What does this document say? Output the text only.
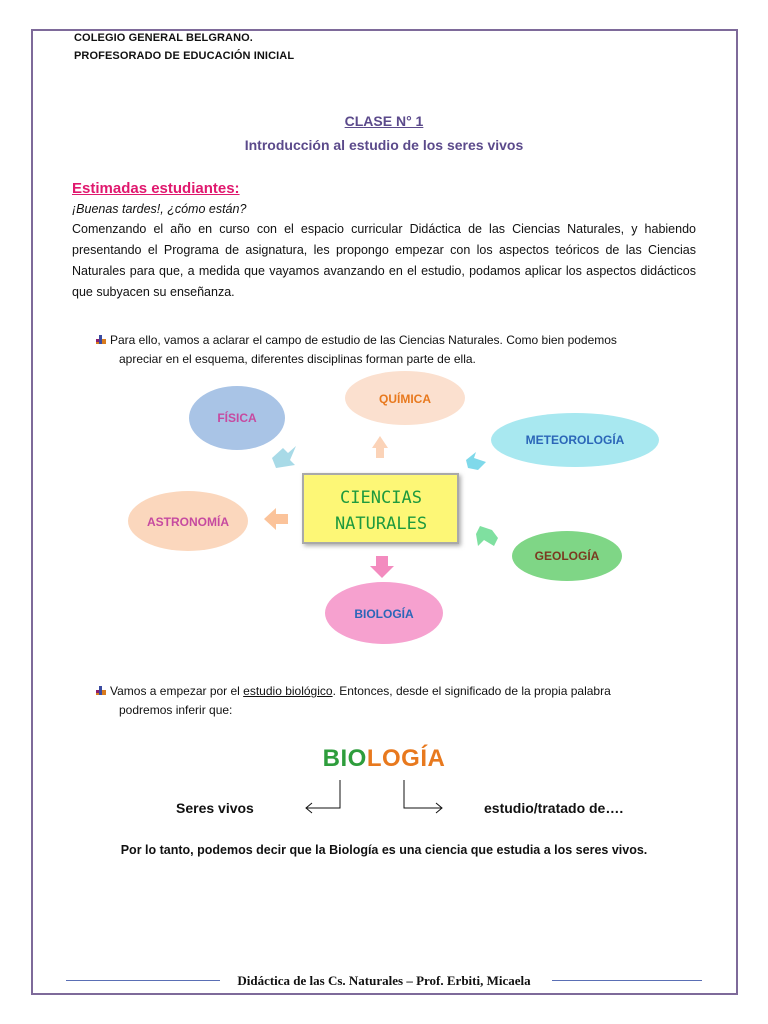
COLEGIO GENERAL BELGRANO.
PROFESORADO DE EDUCACIÓN INICIAL
CLASE N° 1
Introducción al estudio de los seres vivos
Estimadas estudiantes:
¡Buenas tardes!, ¿cómo están?
Comenzando el año en curso con el espacio curricular Didáctica de las Ciencias Naturales, y habiendo presentando el Programa de asignatura, les propongo empezar con los aspectos teóricos de las Ciencias Naturales para que, a medida que vayamos avanzando en el estudio, podamos aplicar los aspectos didácticos que subyacen su enseñanza.
Para ello, vamos a aclarar el campo de estudio de las Ciencias Naturales. Como bien podemos
apreciar en el esquema, diferentes disciplinas forman parte de ella.
CIENCIAS
NATURALES
FÍSICA
QUÍMICA
METEOROLOGÍA
ASTRONOMÍA
GEOLOGÍA
BIOLOGÍA
Vamos a empezar por el estudio biológico. Entonces, desde el significado de la propia palabra
podremos inferir que:
BIOLOGÍA
Seres vivos	estudio/tratado de….
Por lo tanto, podemos decir que la Biología es una ciencia que estudia a los seres vivos.
Didáctica de las Cs. Naturales – Prof. Erbiti, Micaela
